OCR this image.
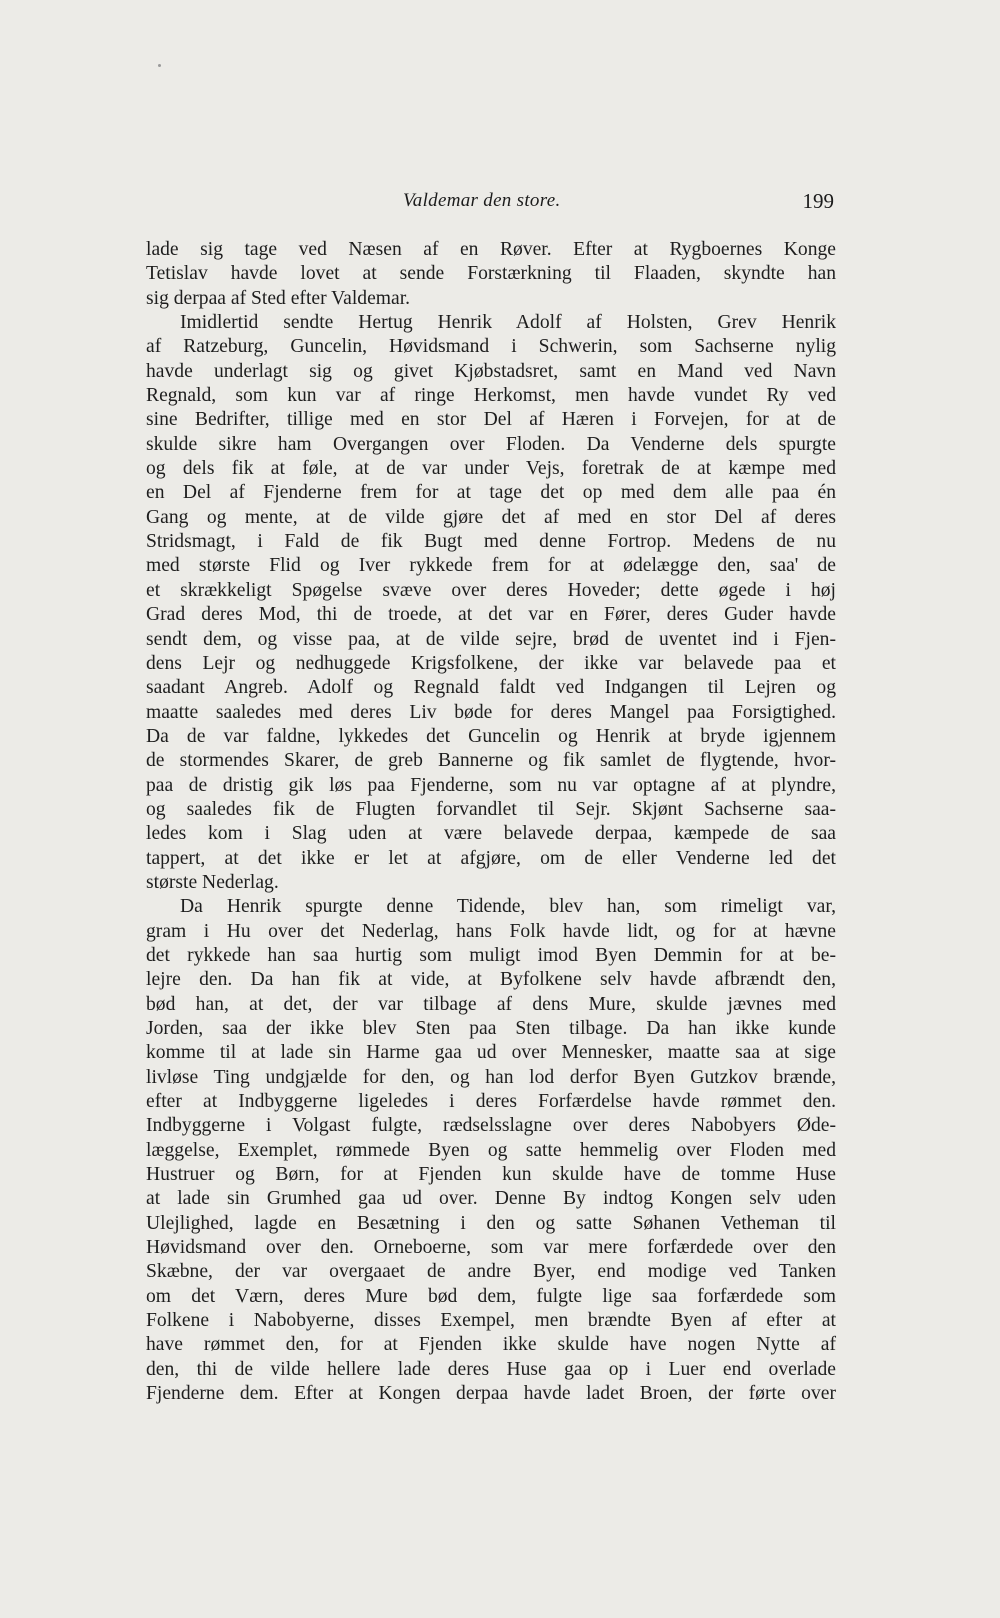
Valdemar den store.	199
lade sig tage ved Næsen af en Røver. Efter at Rygboernes Konge
Tetislav havde lovet at sende Forstærkning til Flaaden, skyndte han
sig derpaa af Sted efter Valdemar.
Imidlertid sendte Hertug Henrik Adolf af Holsten, Grev Henrik
af Ratzeburg, Guncelin, Høvidsmand i Schwerin, som Sachserne nylig
havde underlagt sig og givet Kjøbstadsret, samt en Mand ved Navn
Regnald, som kun var af ringe Herkomst, men havde vundet Ry ved
sine Bedrifter, tillige med en stor Del af Hæren i Forvejen, for at de
skulde sikre ham Overgangen over Floden. Da Venderne dels spurgte
og dels fik at føle, at de var under Vejs, foretrak de at kæmpe med
en Del af Fjenderne frem for at tage det op med dem alle paa én
Gang og mente, at de vilde gjøre det af med en stor Del af deres
Stridsmagt, i Fald de fik Bugt med denne Fortrop. Medens de nu
med største Flid og Iver rykkede frem for at ødelægge den, saa' de
et skrækkeligt Spøgelse svæve over deres Hoveder; dette øgede i høj
Grad deres Mod, thi de troede, at det var en Fører, deres Guder havde
sendt dem, og visse paa, at de vilde sejre, brød de uventet ind i Fjen-
dens Lejr og nedhuggede Krigsfolkene, der ikke var belavede paa et
saadant Angreb. Adolf og Regnald faldt ved Indgangen til Lejren og
maatte saaledes med deres Liv bøde for deres Mangel paa Forsigtighed.
Da de var faldne, lykkedes det Guncelin og Henrik at bryde igjennem
de stormendes Skarer, de greb Bannerne og fik samlet de flygtende, hvor-
paa de dristig gik løs paa Fjenderne, som nu var optagne af at plyndre,
og saaledes fik de Flugten forvandlet til Sejr. Skjønt Sachserne saa-
ledes kom i Slag uden at være belavede derpaa, kæmpede de saa
tappert, at det ikke er let at afgjøre, om de eller Venderne led det
største Nederlag.
Da Henrik spurgte denne Tidende, blev han, som rimeligt var,
gram i Hu over det Nederlag, hans Folk havde lidt, og for at hævne
det rykkede han saa hurtig som muligt imod Byen Demmin for at be-
lejre den. Da han fik at vide, at Byfolkene selv havde afbrændt den,
bød han, at det, der var tilbage af dens Mure, skulde jævnes med
Jorden, saa der ikke blev Sten paa Sten tilbage. Da han ikke kunde
komme til at lade sin Harme gaa ud over Mennesker, maatte saa at sige
livløse Ting undgjælde for den, og han lod derfor Byen Gutzkov brænde,
efter at Indbyggerne ligeledes i deres Forfærdelse havde rømmet den.
Indbyggerne i Volgast fulgte, rædselsslagne over deres Nabobyers Øde-
læggelse, Exemplet, rømmede Byen og satte hemmelig over Floden med
Hustruer og Børn, for at Fjenden kun skulde have de tomme Huse
at lade sin Grumhed gaa ud over. Denne By indtog Kongen selv uden
Ulejlighed, lagde en Besætning i den og satte Søhanen Vetheman til
Høvidsmand over den. Orneboerne, som var mere forfærdede over den
Skæbne, der var overgaaet de andre Byer, end modige ved Tanken
om det Værn, deres Mure bød dem, fulgte lige saa forfærdede som
Folkene i Nabobyerne, disses Exempel, men brændte Byen af efter at
have rømmet den, for at Fjenden ikke skulde have nogen Nytte af
den, thi de vilde hellere lade deres Huse gaa op i Luer end overlade
Fjenderne dem. Efter at Kongen derpaa havde ladet Broen, der førte over
